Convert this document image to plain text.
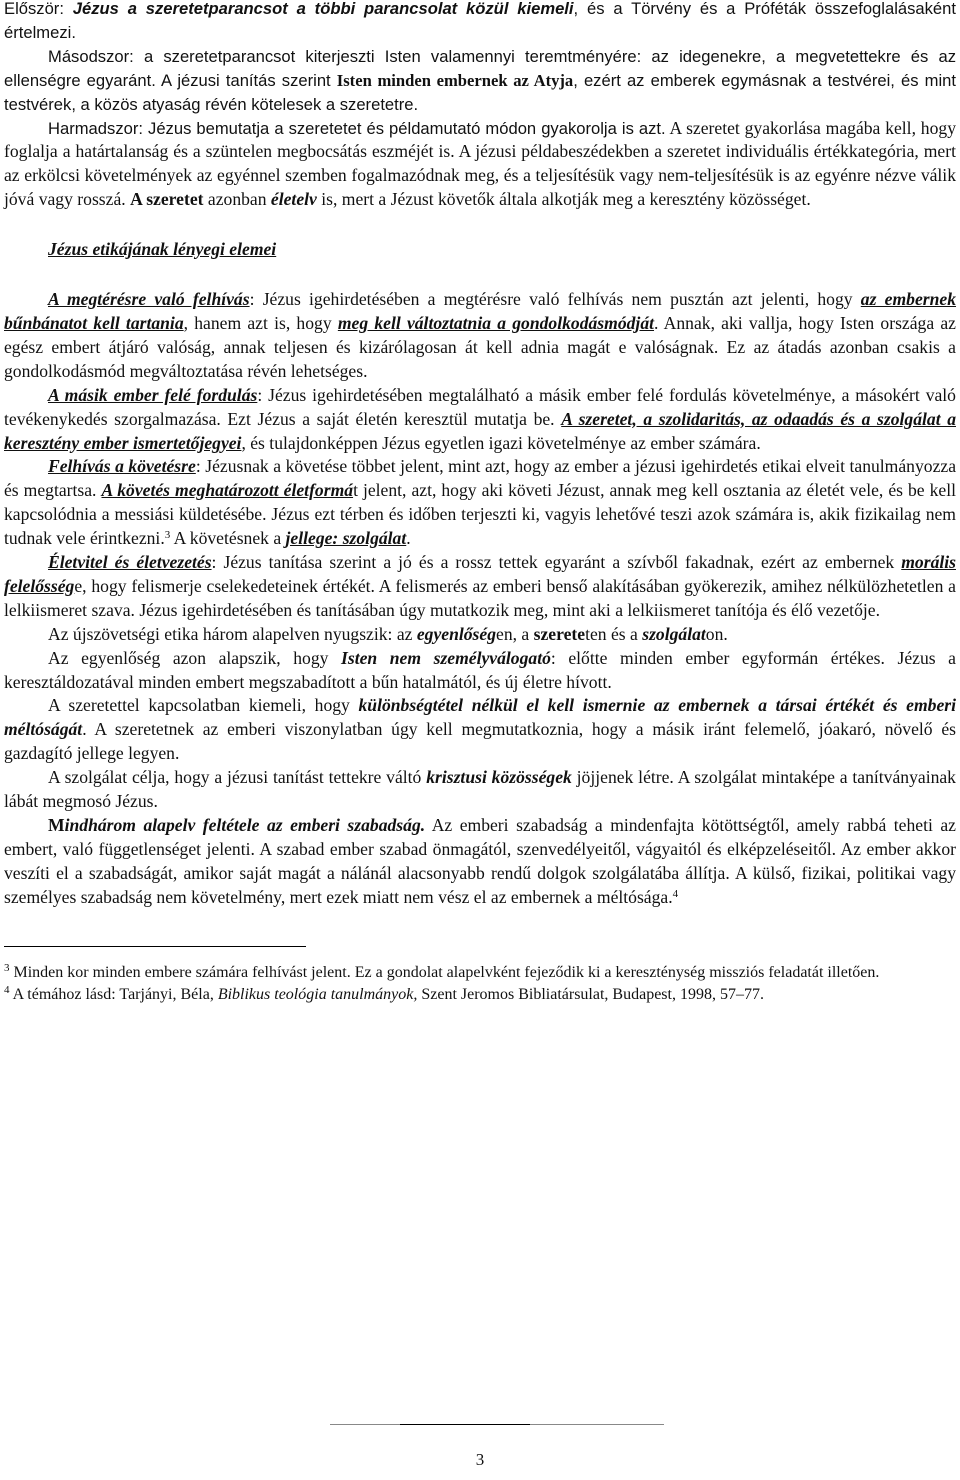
Először: Jézus a szeretetparancsot a többi parancsolat közül kiemeli, és a Törvény és a Próféták összefoglalásaként értelmezi.

Másodszor: a szeretetparancsot kiterjeszti Isten valamennyi teremtményére: az idegenekre, a megvetettekre és az ellenségre egyaránt. A jézusi tanítás szerint Isten minden embernek az Atyja, ezért az emberek egymásnak a testvérei, és mint testvérek, a közös atyaság révén kötelesek a szeretetre.

Harmadszor: Jézus bemutatja a szeretetet és példamutató módon gyakorolja is azt. A szeretet gyakorlása magába kell, hogy foglalja a határtalanság és a szüntelen megbocsátás eszméjét is. A jézusi példabeszédekben a szeretet individuális értékkategória, mert az erkölcsi követelmények az egyénnel szemben fogalmazódnak meg, és a teljesítésük vagy nem-teljesítésük is az egyénre nézve válik jóvá vagy rosszá. A szeretet azonban életelv is, mert a Jézust követők általa alkotják meg a keresztény közösséget.

Jézus etikájának lényegi elemei

A megtérésre való felhívás: Jézus igehirdetésében a megtérésre való felhívás nem pusztán azt jelenti, hogy az embernek bűnbánatot kell tartania, hanem azt is, hogy meg kell változtatnia a gondolkodásmódját. Annak, aki vallja, hogy Isten országa az egész embert átjáró valóság, annak teljesen és kizárólagosan át kell adnia magát e valóságnak. Ez az átadás azonban csakis a gondolkodásmód megváltoztatása révén lehetséges.

A másik ember felé fordulás: Jézus igehirdetésében megtalálható a másik ember felé fordulás követelménye, a másokért való tevékenykedés szorgalmazása. Ezt Jézus a saját életén keresztül mutatja be. A szeretet, a szolidaritás, az odaadás és a szolgálat a keresztény ember ismertetőjegyei, és tulajdonképpen Jézus egyetlen igazi követelménye az ember számára.

Felhívás a követésre: Jézusnak a követése többet jelent, mint azt, hogy az ember a jézusi igehirdetés etikai elveit tanulmányozza és megtartsa. A követés meghatározott életformát jelent, azt, hogy aki követi Jézust, annak meg kell osztania az életét vele, és be kell kapcsolódnia a messiási küldetésébe. Jézus ezt térben és időben terjeszti ki, vagyis lehetővé teszi azok számára is, akik fizikailag nem tudnak vele érintkezni.$^3$ A követésnek a jellege: szolgálat.

Életvitel és életvezetés: Jézus tanítása szerint a jó és a rossz tettek egyaránt a szívből fakadnak, ezért az embernek morális felelőssége, hogy felismerje cselekedeteinek értékét. A felismerés az emberi benső alakításában gyökerezik, amihez nélkülözhetetlen a lelkiismeret szava. Jézus igehirdetésében és tanításában úgy mutatkozik meg, mint aki a lelkiismeret tanítója és élő vezetője.

Az újszövetségi etika három alapelven nyugszik: az egyenlőségen, a szereteten és a szolgálaton.

Az egyenlőség azon alapszik, hogy Isten nem személyválogató: előtte minden ember egyformán értékes. Jézus a keresztáldozatával minden embert megszabadított a bűn hatalmától, és új életre hívott.

A szeretettel kapcsolatban kiemeli, hogy különbségtétel nélkül el kell ismernie az embernek a társai értékét és emberi méltóságát. A szeretetnek az emberi viszonylatban úgy kell megmutatkoznia, hogy a másik iránt felemelő, jóakaró, növelő és gazdagító jellege legyen.

A szolgálat célja, hogy a jézusi tanítást tettekre váltó krisztusi közösségek jöjjenek létre. A szolgálat mintaképe a tanítványainak lábát megmosó Jézus.

Mindhárom alapelv feltétele az emberi szabadság. Az emberi szabadság a mindenfajta kötöttségtől, amely rabbá teheti az embert, való függetlenséget jelenti. A szabad ember szabad önmagától, szenvedélyeitől, vágyaitól és elképzeléseitől. Az ember akkor veszíti el a szabadságát, amikor saját magát a nálánál alacsonyabb rendű dolgok szolgálatába állítja. A külső, fizikai, politikai vagy személyes szabadság nem követelmény, mert ezek miatt nem vész el az embernek a méltósága.$^4$

$^3$ Minden kor minden embere számára felhívást jelent. Ez a gondolat alapelvként fejeződik ki a kereszténység missziós feladatát illetően.

$^4$ A témához lásd: Tarjányi, Béla, Biblikus teológia tanulmányok, Szent Jeromos Bibliatársulat, Budapest, 1998, 57–77.

3
